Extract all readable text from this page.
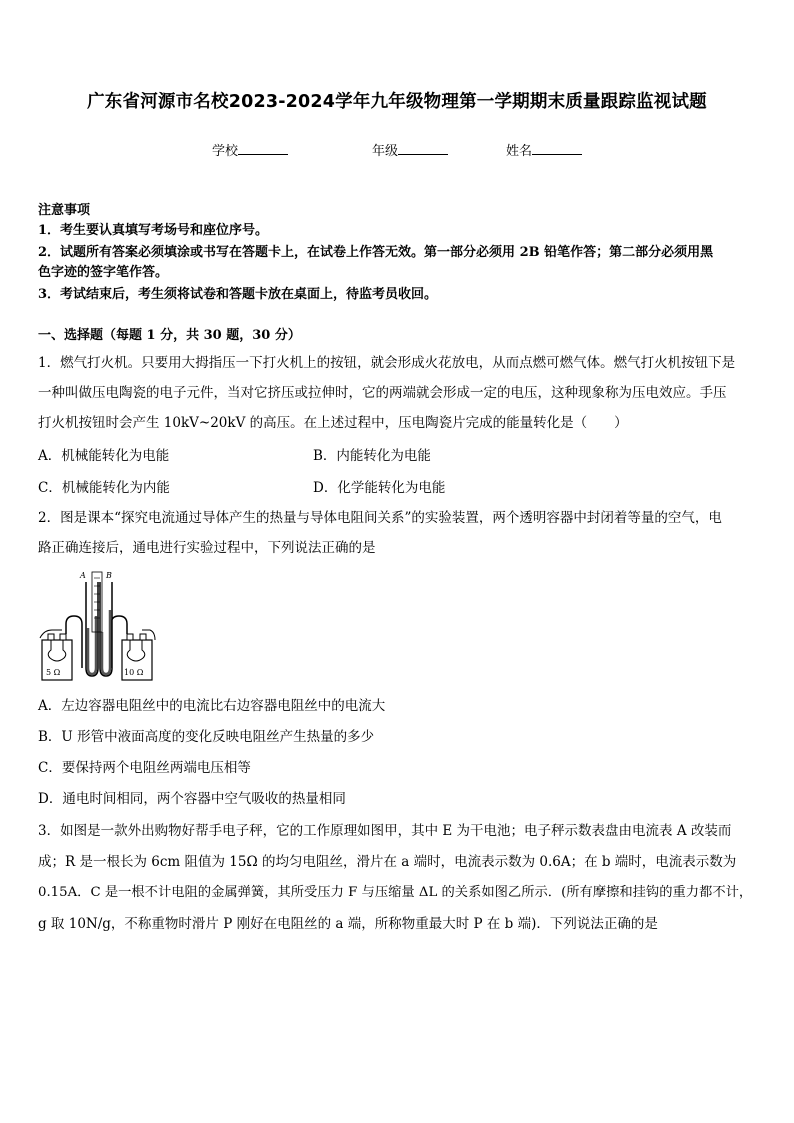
广东省河源市名校2023-2024学年九年级物理第一学期期末质量跟踪监视试题
学校	年级	姓名
注意事项
1．考生要认真填写考场号和座位序号。
2．试题所有答案必须填涂或书写在答题卡上，在试卷上作答无效。第一部分必须用 2B 铅笔作答；第二部分必须用黑
色字迹的签字笔作答。
3．考试结束后，考生须将试卷和答题卡放在桌面上，待监考员收回。
一、选择题（每题 1 分，共 30 题，30 分）
1．燃气打火机。只要用大拇指压一下打火机上的按钮，就会形成火花放电，从而点燃可燃气体。燃气打火机按钮下是
一种叫做压电陶瓷的电子元件，当对它挤压或拉伸时，它的两端就会形成一定的电压，这种现象称为压电效应。手压
打火机按钮时会产生 10kV~20kV 的高压。在上述过程中，压电陶瓷片完成的能量转化是（　　）
A．机械能转化为电能	B．内能转化为电能
C．机械能转化为内能	D．化学能转化为电能
2．图是课本“探究电流通过导体产生的热量与导体电阻间关系”的实验装置，两个透明容器中封闭着等量的空气，电
路正确连接后，通电进行实验过程中，下列说法正确的是
5 Ω	10 Ω
A	B
A．左边容器电阻丝中的电流比右边容器电阻丝中的电流大
B．U 形管中液面高度的变化反映电阻丝产生热量的多少
C．要保持两个电阻丝两端电压相等
D．通电时间相同，两个容器中空气吸收的热量相同
3．如图是一款外出购物好帮手电子秤，它的工作原理如图甲，其中 E 为干电池；电子秤示数表盘由电流表 A 改装而
成；R 是一根长为 6cm 阻值为 15Ω 的均匀电阻丝，滑片在 a 端时，电流表示数为 0.6A；在 b 端时，电流表示数为
0.15A．C 是一根不计电阻的金属弹簧，其所受压力 F 与压缩量 ΔL 的关系如图乙所示．(所有摩擦和挂钩的重力都不计，
g 取 10N/g，不称重物时滑片 P 刚好在电阻丝的 a 端，所称物重最大时 P 在 b 端)．下列说法正确的是
